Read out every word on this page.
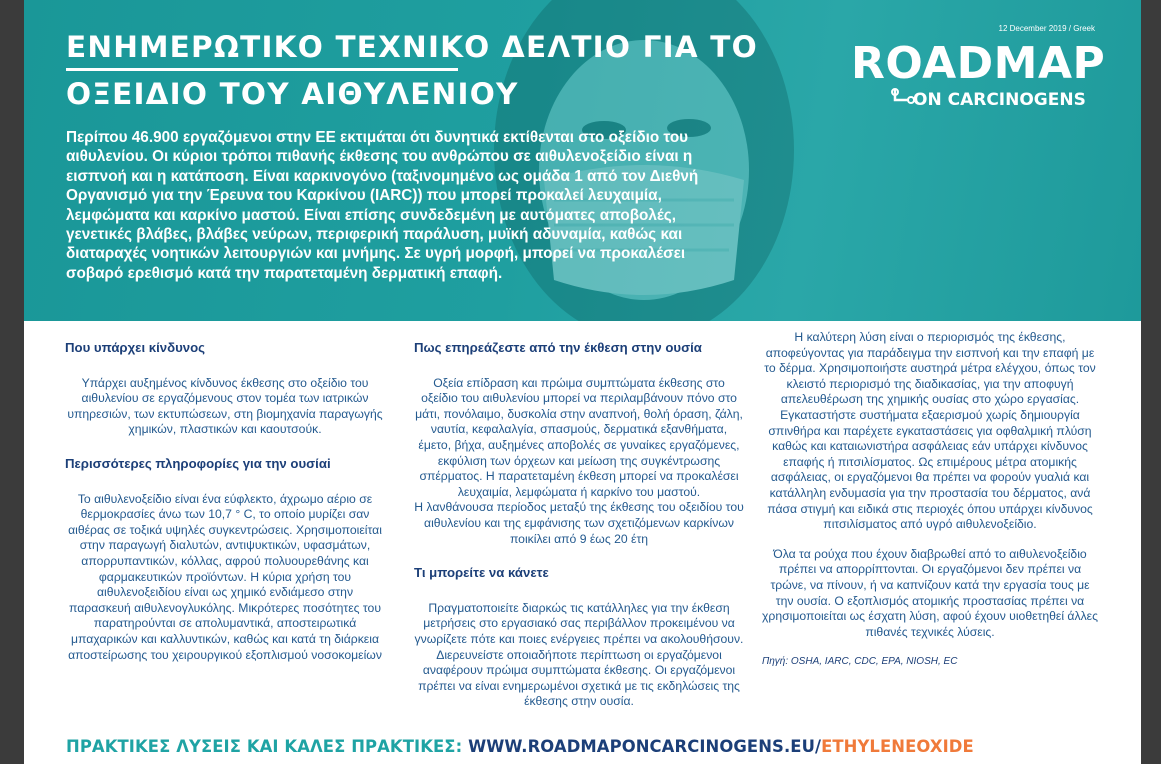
ΕΝΗΜΕΡΩΤΙΚΟ ΤΕΧΝΙΚΟ ΔΕΛΤΙΟ ΓΙΑ ΤΟ
ΟΞΕΙΔΙΟ ΤΟΥ ΑΙΘΥΛΕΝΙΟΥ
12 December 2019 / Greek
ROADMAP
ON CARCINOGENS
Περίπου 46.900 εργαζόμενοι στην ΕΕ εκτιμάται ότι δυνητικά εκτίθενται στο οξείδιο του αιθυλενίου. Οι κύριοι τρόποι πιθανής έκθεσης του ανθρώπου σε αιθυλενοξείδιο είναι η εισπνοή και η κατάποση. Είναι καρκινογόνο (ταξινομημένο ως ομάδα 1 από τον Διεθνή Οργανισμό για την Έρευνα του Καρκίνου (IARC)) που μπορεί προκαλεί λευχαιμία, λεμφώματα και καρκίνο μαστού. Είναι επίσης συνδεδεμένη με αυτόματες αποβολές, γενετικές βλάβες, βλάβες νεύρων, περιφερική παράλυση, μυϊκή αδυναμία, καθώς και διαταραχές νοητικών λειτουργιών και μνήμης. Σε υγρή μορφή, μπορεί να προκαλέσει σοβαρό ερεθισμό κατά την παρατεταμένη δερματική επαφή.
Που υπάρχει κίνδυνος

Υπάρχει αυξημένος κίνδυνος έκθεσης στο οξείδιο του αιθυλενίου σε εργαζόμενους στον τομέα των ιατρικών υπηρεσιών, των εκτυπώσεων, στη βιομηχανία παραγωγής χημικών, πλαστικών και καουτσούκ.

Περισσότερες πληροφορίες για την ουσίαi

Το αιθυλενοξείδιο είναι ένα εύφλεκτο, άχρωμο αέριο σε θερμοκρασίες άνω των 10,7 ° C, το οποίο μυρίζει σαν αιθέρας σε τοξικά υψηλές συγκεντρώσεις. Χρησιμοποιείται στην παραγωγή διαλυτών, αντιψυκτικών, υφασμάτων, απορρυπαντικών, κόλλας, αφρού πολυουρεθάνης και φαρμακευτικών προϊόντων. Η κύρια χρήση του αιθυλενοξειδίου είναι ως χημικό ενδιάμεσο στην παρασκευή αιθυλενογλυκόλης. Μικρότερες ποσότητες του παρατηρούνται σε απολυμαντικά, αποστειρωτικά μπαχαρικών και καλλυντικών, καθώς και κατά τη διάρκεια αποστείρωσης του χειρουργικού εξοπλισμού νοσοκομείων

Πως επηρεάζεστε από την έκθεση στην ουσία

Οξεία επίδραση και πρώιμα συμπτώματα έκθεσης στο οξείδιο του αιθυλενίου μπορεί να περιλαμβάνουν πόνο στο μάτι, πονόλαιμο, δυσκολία στην αναπνοή, θολή όραση, ζάλη, ναυτία, κεφαλαλγία, σπασμούς, δερματικά εξανθήματα, έμετο, βήχα, αυξημένες αποβολές σε γυναίκες εργαζόμενες, εκφύλιση των όρχεων και μείωση της συγκέντρωσης σπέρματος. Η παρατεταμένη έκθεση μπορεί να προκαλέσει λευχαιμία, λεμφώματα ή καρκίνο του μαστού.

Η λανθάνουσα περίοδος μεταξύ της έκθεσης του οξειδίου του αιθυλενίου και της εμφάνισης των σχετιζόμενων καρκίνων ποικίλει από 9 έως 20 έτη

Τι μπορείτε να κάνετε

Πραγματοποιείτε διαρκώς τις κατάλληλες για την έκθεση μετρήσεις στο εργασιακό σας περιβάλλον προκειμένου να γνωρίζετε πότε και ποιες ενέργειες πρέπει να ακολουθήσουν. Διερευνείστε οποιαδήποτε περίπτωση οι εργαζόμενοι αναφέρουν πρώιμα συμπτώματα έκθεσης. Οι εργαζόμενοι πρέπει να είναι ενημερωμένοι σχετικά με τις εκδηλώσεις της έκθεσης στην ουσία.

Η καλύτερη λύση είναι ο περιορισμός της έκθεσης, αποφεύγοντας για παράδειγμα την εισπνοή και την επαφή με το δέρμα. Χρησιμοποιήστε αυστηρά μέτρα ελέγχου, όπως τον κλειστό περιορισμό της διαδικασίας, για την αποφυγή απελευθέρωση της χημικής ουσίας στο χώρο εργασίας. Εγκαταστήστε συστήματα εξαερισμού χωρίς δημιουργία σπινθήρα και παρέχετε εγκαταστάσεις για οφθαλμική πλύση καθώς και καταιωνιστήρα ασφάλειας εάν υπάρχει κίνδυνος επαφής ή πιτσιλίσματος. Ως επιμέρους μέτρα ατομικής ασφάλειας, οι εργαζόμενοι θα πρέπει να φορούν γυαλιά και κατάλληλη ενδυμασία για την προστασία του δέρματος, ανά πάσα στιγμή και ειδικά στις περιοχές όπου υπάρχει κίνδυνος πιτσιλίσματος από υγρό αιθυλενοξείδιο.

Όλα τα ρούχα που έχουν διαβρωθεί από το αιθυλενοξείδιο πρέπει να απορρίπτονται. Οι εργαζόμενοι δεν πρέπει να τρώνε, να πίνουν, ή να καπνίζουν κατά την εργασία τους με την ουσία. Ο εξοπλισμός ατομικής προστασίας πρέπει να χρησιμοποιείται ως έσχατη λύση, αφού έχουν υιοθετηθεί άλλες πιθανές τεχνικές λύσεις.

Πηγή: OSHA, IARC, CDC, EPA, NIOSH, EC

ΠΡΑΚΤΙΚΕΣ ΛΥΣΕΙΣ ΚΑΙ ΚΑΛΕΣ ΠΡΑΚΤΙΚΕΣ: WWW.ROADMAPONCARCINOGENS.EU/ETHYLENEOXIDE
